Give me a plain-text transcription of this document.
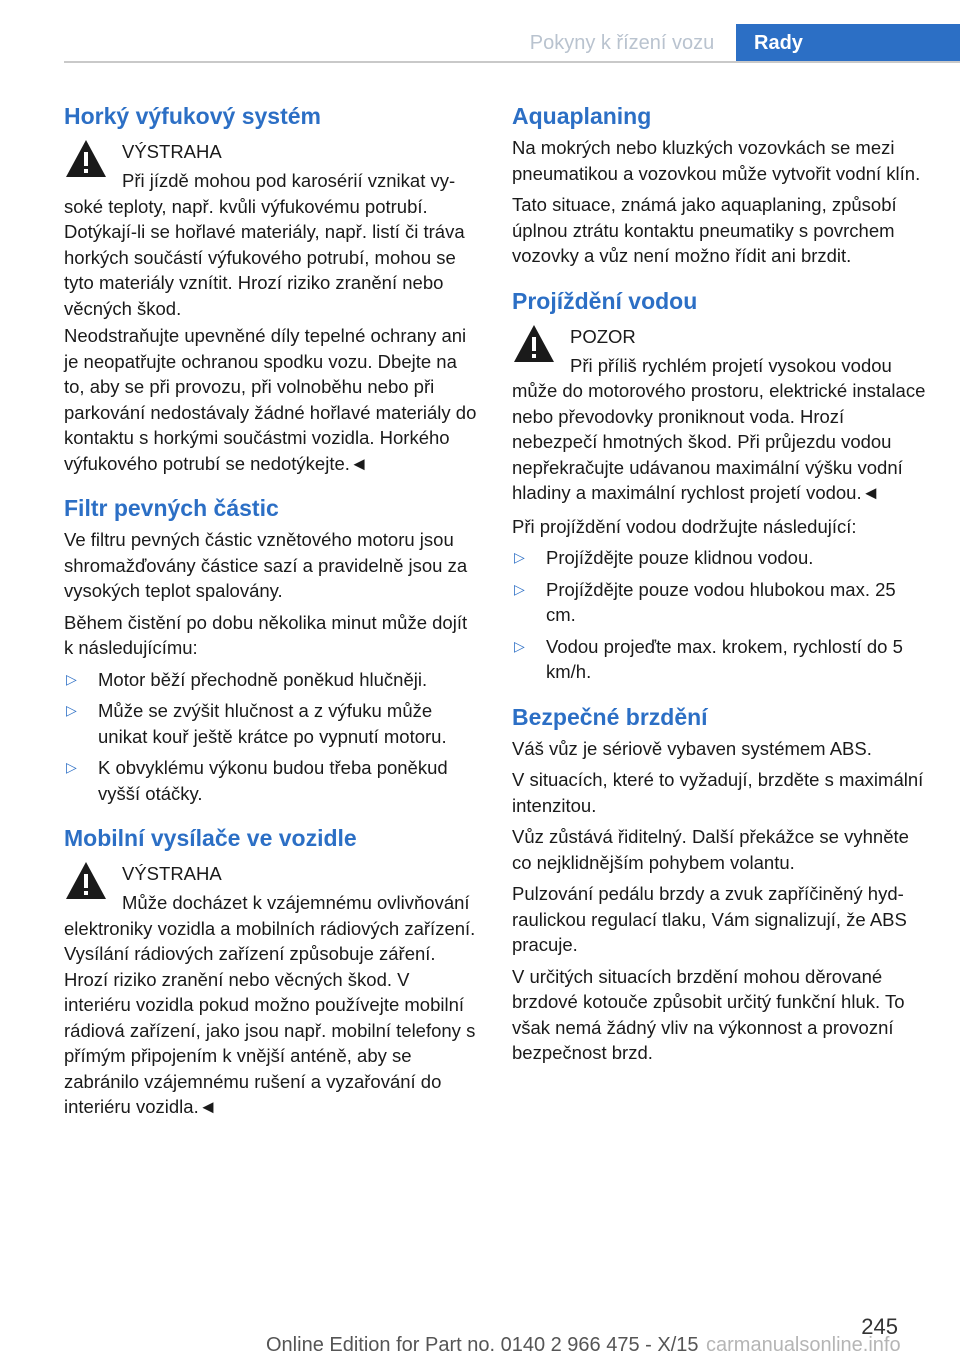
Pokyny k řízení vozu	Rady
Horký výfukový systém
VÝSTRAHA
Při jízdě mohou pod karosérií vznikat vysoké teploty, např. kvůli výfukovému potrubí. Dotýkají-li se hořlavé materiály, např. listí či tráva horkých součástí výfukového potrubí, mohou se tyto materiály vznítit. Hrozí riziko zranění nebo věcných škod.

Neodstraňujte upevněné díly tepelné ochrany ani je neopatřujte ochranou spodku vozu. Dbejte na to, aby se při provozu, při volnoběhu nebo při parkování nedostávaly žádné hořlavé materiály do kontaktu s horkými součástmi vozidla. Horkého výfukového potrubí se nedotýkejte.◄

Filtr pevných částic

Ve filtru pevných částic vznětového motoru jsou shromažďovány částice sazí a pravidelně jsou za vysokých teplot spalovány.

Během čistění po dobu několika minut může dojít k následujícímu:

▷ Motor běží přechodně poněkud hlučněji.
▷ Může se zvýšit hlučnost a z výfuku může unikat kouř ještě krátce po vypnutí motoru.
▷ K obvyklému výkonu budou třeba poněkud vyšší otáčky.
Mobilní vysílače ve vozidle
VÝSTRAHA
Může docházet k vzájemnému ovlivňování elektroniky vozidla a mobilních rádiových zařízení. Vysílání rádiových zařízení způsobuje záření. Hrozí riziko zranění nebo věcných škod. V interiéru vozidla pokud možno používejte mobilní rádiová zařízení, jako jsou např. mobilní telefony s přímým připojením k vnější anténě, aby se zabránilo vzájemnému rušení a vyzařování do interiéru vozidla.◄
Aquaplaning

Na mokrých nebo kluzkých vozovkách se mezi pneumatikou a vozovkou může vytvořit vodní klín.

Tato situace, známá jako aquaplaning, způsobí úplnou ztrátu kontaktu pneumatiky s povrchem vozovky a vůz není možno řídit ani brzdit.

Projíždění vodou
POZOR
Při příliš rychlém projetí vysokou vodou může do motorového prostoru, elektrické instalace nebo převodovky proniknout voda. Hrozí nebezpečí hmotných škod. Při průjezdu vodou nepřekračujte udávanou maximální výšku vodní hladiny a maximální rychlost projetí vodou.◄

Při projíždění vodou dodržujte následující:

▷ Projíždějte pouze klidnou vodou.
▷ Projíždějte pouze vodou hlubokou max. 25 cm.
▷ Vodou projeďte max. krokem, rychlostí do 5 km/h.
Bezpečné brzdění

Váš vůz je sériově vybaven systémem ABS.

V situacích, které to vyžadují, brzděte s maximální intenzitou.

Vůz zůstává řiditelný. Další překážce se vyhněte co nejklidnějším pohybem volantu.

Pulzování pedálu brzdy a zvuk zapříčiněný hydraulickou regulací tlaku, Vám signalizují, že ABS pracuje.

V určitých situacích brzdění mohou děrované brzdové kotouče způsobit určitý funkční hluk. To však nemá žádný vliv na výkonnost a provozní bezpečnost brzd.

245
Online Edition for Part no. 0140 2 966 475 - X/15 carmanualsonline.info
